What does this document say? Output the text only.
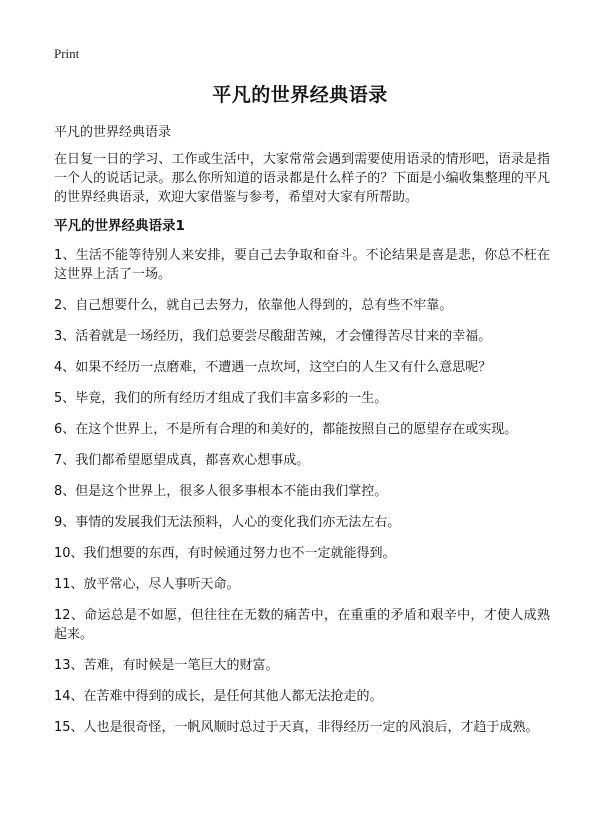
Print
平凡的世界经典语录

平凡的世界经典语录

在日复一日的学习、工作或生活中，大家常常会遇到需要使用语录的情形吧，语录是指一个人的说话记录。那么你所知道的语录都是什么样子的？下面是小编收集整理的平凡的世界经典语录，欢迎大家借鉴与参考，希望对大家有所帮助。

平凡的世界经典语录1
1、生活不能等待别人来安排，要自己去争取和奋斗。不论结果是喜是悲，你总不枉在这世界上活了一场。
2、自己想要什么，就自己去努力，依靠他人得到的，总有些不牢靠。
3、活着就是一场经历，我们总要尝尽酸甜苦辣，才会懂得苦尽甘来的幸福。
4、如果不经历一点磨难，不遭遇一点坎坷，这空白的人生又有什么意思呢？
5、毕竟，我们的所有经历才组成了我们丰富多彩的一生。
6、在这个世界上，不是所有合理的和美好的，都能按照自己的愿望存在或实现。
7、我们都希望愿望成真，都喜欢心想事成。
8、但是这个世界上，很多人很多事根本不能由我们掌控。
9、事情的发展我们无法预料，人心的变化我们亦无法左右。
10、我们想要的东西，有时候通过努力也不一定就能得到。
11、放平常心，尽人事听天命。
12、命运总是不如愿，但往往在无数的痛苦中，在重重的矛盾和艰辛中，才使人成熟起来。
13、苦难，有时候是一笔巨大的财富。
14、在苦难中得到的成长，是任何其他人都无法抢走的。
15、人也是很奇怪，一帆风顺时总过于天真，非得经历一定的风浪后，才趋于成熟。
